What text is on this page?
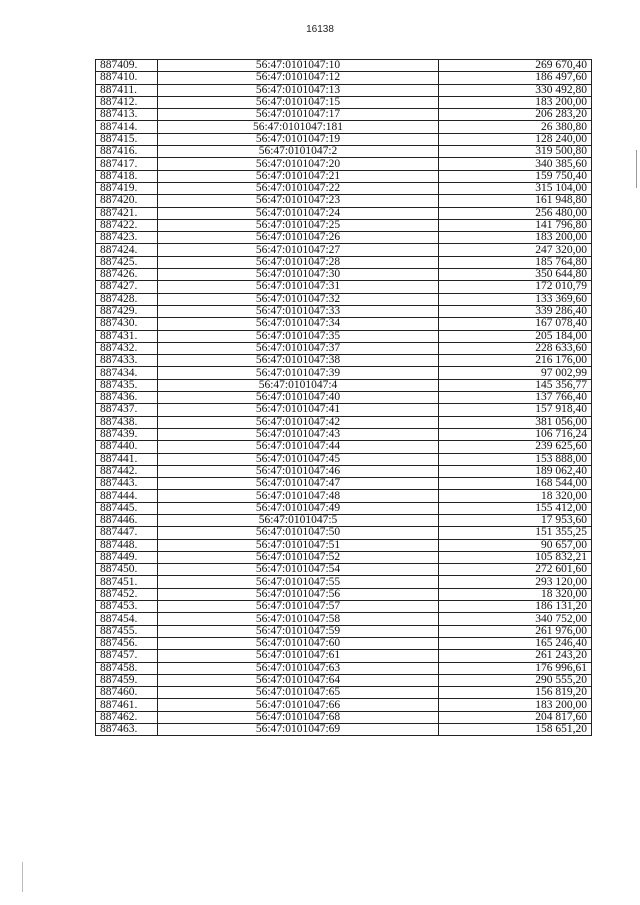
16138
887409.	56:47:0101047:10	269 670,40
887410.	56:47:0101047:12	186 497,60
887411.	56:47:0101047:13	330 492,80
887412.	56:47:0101047:15	183 200,00
887413.	56:47:0101047:17	206 283,20
887414.	56:47:0101047:181	26 380,80
887415.	56:47:0101047:19	128 240,00
887416.	56:47:0101047:2	319 500,80
887417.	56:47:0101047:20	340 385,60
887418.	56:47:0101047:21	159 750,40
887419.	56:47:0101047:22	315 104,00
887420.	56:47:0101047:23	161 948,80
887421.	56:47:0101047:24	256 480,00
887422.	56:47:0101047:25	141 796,80
887423.	56:47:0101047:26	183 200,00
887424.	56:47:0101047:27	247 320,00
887425.	56:47:0101047:28	185 764,80
887426.	56:47:0101047:30	350 644,80
887427.	56:47:0101047:31	172 010,79
887428.	56:47:0101047:32	133 369,60
887429.	56:47:0101047:33	339 286,40
887430.	56:47:0101047:34	167 078,40
887431.	56:47:0101047:35	205 184,00
887432.	56:47:0101047:37	228 633,60
887433.	56:47:0101047:38	216 176,00
887434.	56:47:0101047:39	97 002,99
887435.	56:47:0101047:4	145 356,77
887436.	56:47:0101047:40	137 766,40
887437.	56:47:0101047:41	157 918,40
887438.	56:47:0101047:42	381 056,00
887439.	56:47:0101047:43	106 716,24
887440.	56:47:0101047:44	239 625,60
887441.	56:47:0101047:45	153 888,00
887442.	56:47:0101047:46	189 062,40
887443.	56:47:0101047:47	168 544,00
887444.	56:47:0101047:48	18 320,00
887445.	56:47:0101047:49	155 412,00
887446.	56:47:0101047:5	17 953,60
887447.	56:47:0101047:50	151 355,25
887448.	56:47:0101047:51	90 657,00
887449.	56:47:0101047:52	105 832,21
887450.	56:47:0101047:54	272 601,60
887451.	56:47:0101047:55	293 120,00
887452.	56:47:0101047:56	18 320,00
887453.	56:47:0101047:57	186 131,20
887454.	56:47:0101047:58	340 752,00
887455.	56:47:0101047:59	261 976,00
887456.	56:47:0101047:60	165 246,40
887457.	56:47:0101047:61	261 243,20
887458.	56:47:0101047:63	176 996,61
887459.	56:47:0101047:64	290 555,20
887460.	56:47:0101047:65	156 819,20
887461.	56:47:0101047:66	183 200,00
887462.	56:47:0101047:68	204 817,60
887463.	56:47:0101047:69	158 651,20
